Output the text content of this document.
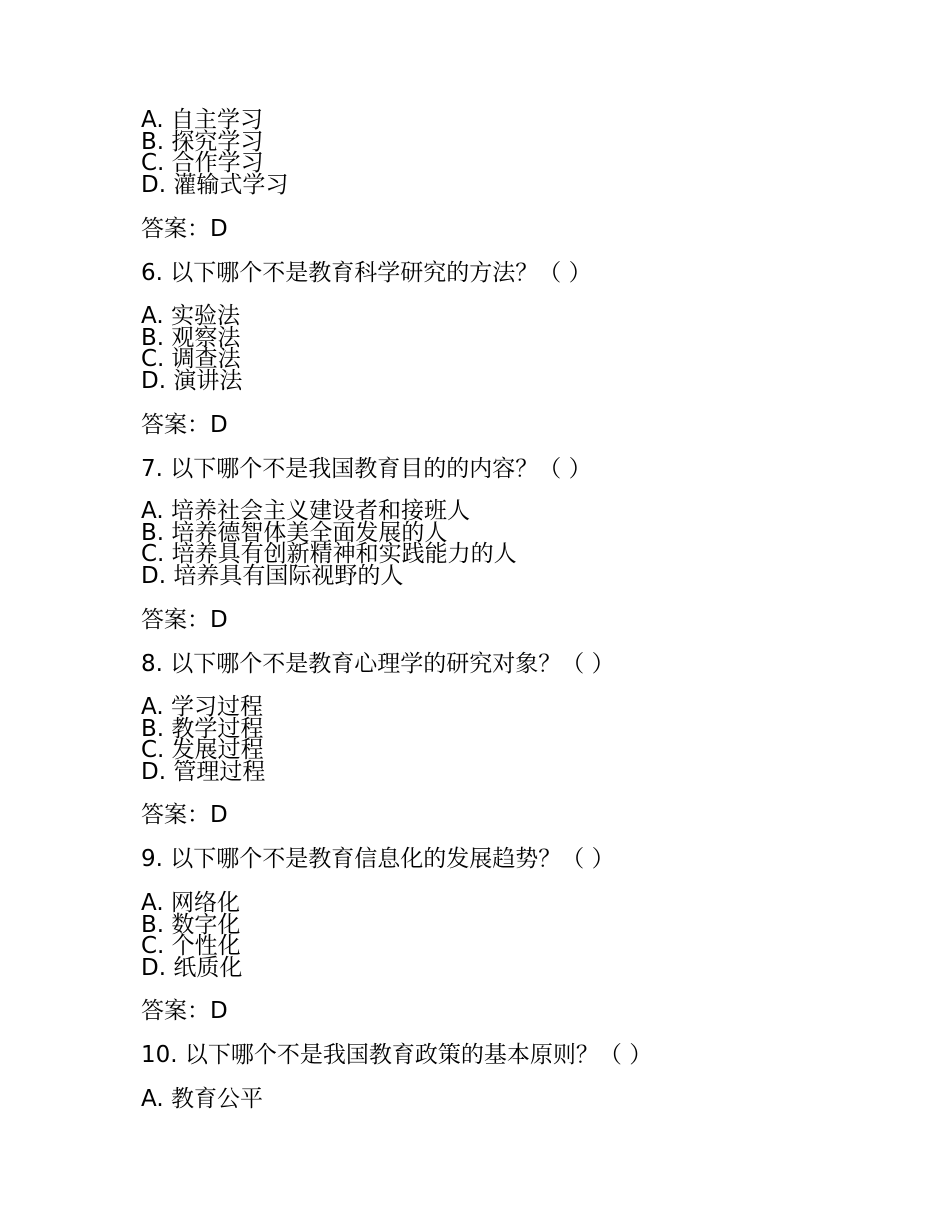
A. 自主学习
B. 探究学习
C. 合作学习
D. 灌输式学习
答案：D
6. 以下哪个不是教育科学研究的方法？（ ）
A. 实验法
B. 观察法
C. 调查法
D. 演讲法
答案：D
7. 以下哪个不是我国教育目的的内容？（ ）
A. 培养社会主义建设者和接班人
B. 培养德智体美全面发展的人
C. 培养具有创新精神和实践能力的人
D. 培养具有国际视野的人
答案：D
8. 以下哪个不是教育心理学的研究对象？（ ）
A. 学习过程
B. 教学过程
C. 发展过程
D. 管理过程
答案：D
9. 以下哪个不是教育信息化的发展趋势？（ ）
A. 网络化
B. 数字化
C. 个性化
D. 纸质化
答案：D
10. 以下哪个不是我国教育政策的基本原则？（ ）
A. 教育公平
